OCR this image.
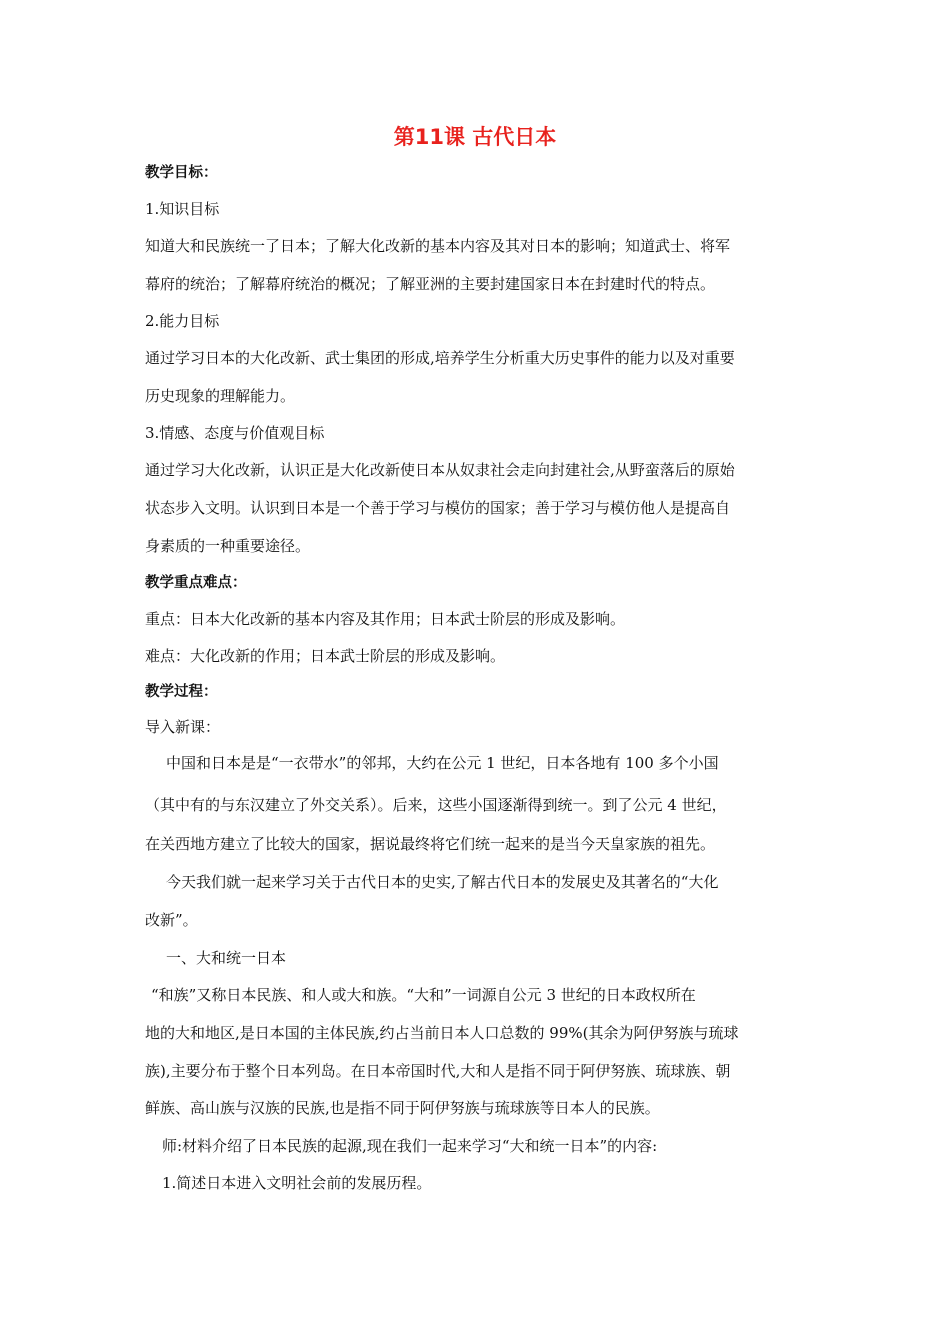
第11课 古代日本

教学目标：

1.知识目标

知道大和民族统一了日本；了解大化改新的基本内容及其对日本的影响；知道武士、将军

幕府的统治；了解幕府统治的概况；了解亚洲的主要封建国家日本在封建时代的特点。

2.能力目标

通过学习日本的大化改新、武士集团的形成,培养学生分析重大历史事件的能力以及对重要

历史现象的理解能力。

3.情感、态度与价值观目标

通过学习大化改新，认识正是大化改新使日本从奴隶社会走向封建社会,从野蛮落后的原始

状态步入文明。认识到日本是一个善于学习与模仿的国家；善于学习与模仿他人是提高自

身素质的一种重要途径。

教学重点难点：

重点：日本大化改新的基本内容及其作用；日本武士阶层的形成及影响。

难点：大化改新的作用；日本武士阶层的形成及影响。

教学过程：

导入新课：

中国和日本是是“一衣带水”的邻邦，大约在公元 1 世纪，日本各地有 100 多个小国

（其中有的与东汉建立了外交关系）。后来，这些小国逐渐得到统一。到了公元 4 世纪，

在关西地方建立了比较大的国家，据说最终将它们统一起来的是当今天皇家族的祖先。

今天我们就一起来学习关于古代日本的史实,了解古代日本的发展史及其著名的“大化

改新”。

一、大和统一日本

“和族”又称日本民族、和人或大和族。“大和”一词源自公元 3 世纪的日本政权所在

地的大和地区,是日本国的主体民族,约占当前日本人口总数的 99%(其余为阿伊努族与琉球

族),主要分布于整个日本列岛。在日本帝国时代,大和人是指不同于阿伊努族、琉球族、朝

鲜族、高山族与汉族的民族,也是指不同于阿伊努族与琉球族等日本人的民族。

师:材料介绍了日本民族的起源,现在我们一起来学习“大和统一日本”的内容:

1.简述日本进入文明社会前的发展历程。
